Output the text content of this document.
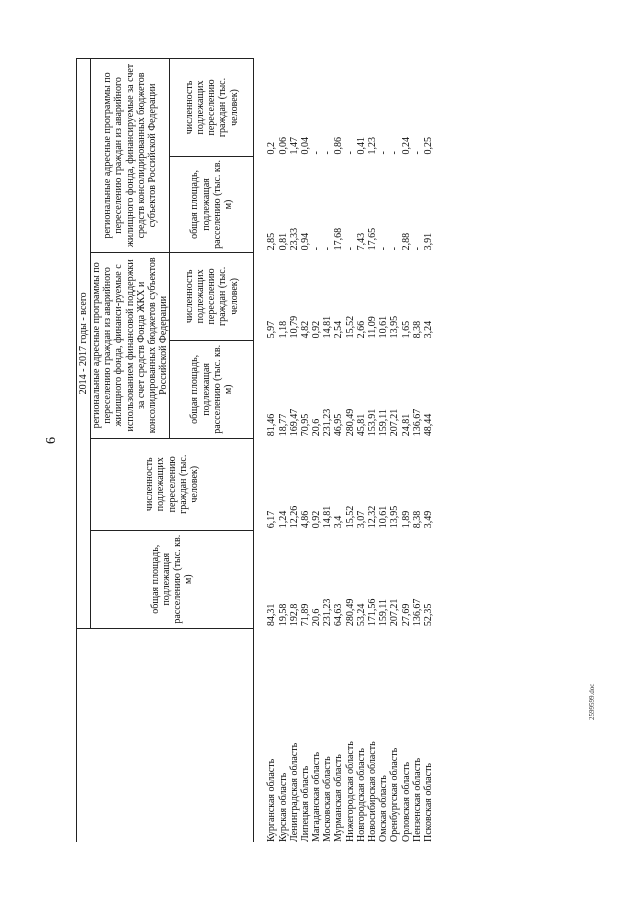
6
2599599.doc
	2014 - 2017 годы - всего					
	общая площадь, подлежащая расселению (тыс. кв. м)	численность подлежащих переселению граждан (тыс. человек)	региональные адресные программы по переселению граждан из аварийного жилищного фонда, финанси-руемые с использованием финансовой поддержки за счет средств Фонда ЖКХ и консолидированных бюджетов субъектов Российской Федерации		региональные адресные программы по переселению граждан из аварийного жилищного фонда, финансируемые за счет средств консолидированных бюджетов субъектов Российской Федерации	
			общая площадь, подлежащая расселению (тыс. кв. м)	численность подлежащих переселению граждан (тыс. человек)	общая площадь, подлежащая расселению (тыс. кв. м)	численность подлежащих переселению граждан (тыс. человек)
Курганская область	84,31	6,17	81,46	5,97	2,85	0,2
Курская область	19,58	1,24	18,77	1,18	0,81	0,06
Ленинградская область	192,8	12,26	169,47	10,79	23,33	1,47
Липецкая область	71,89	4,86	70,95	4,82	0,94	0,04
Магаданская область	20,6	0,92	20,6	0,92	-	-
Московская область	231,23	14,81	231,23	14,81	-	-
Мурманская область	64,63	3,4	46,95	2,54	17,68	0,86
Нижегородская область	280,49	15,52	280,49	15,52	-	-
Новгородская область	53,24	3,07	45,81	2,66	7,43	0,41
Новосибирская область	171,56	12,32	153,91	11,09	17,65	1,23
Омская область	159,11	10,61	159,11	10,61	-	-
Оренбургская область	207,21	13,95	207,21	13,95	-	-
Орловская область	27,69	1,89	24,81	1,65	2,88	0,24
Пензенская область	136,67	8,38	136,67	8,38	-	-
Псковская область	52,35	3,49	48,44	3,24	3,91	0,25
